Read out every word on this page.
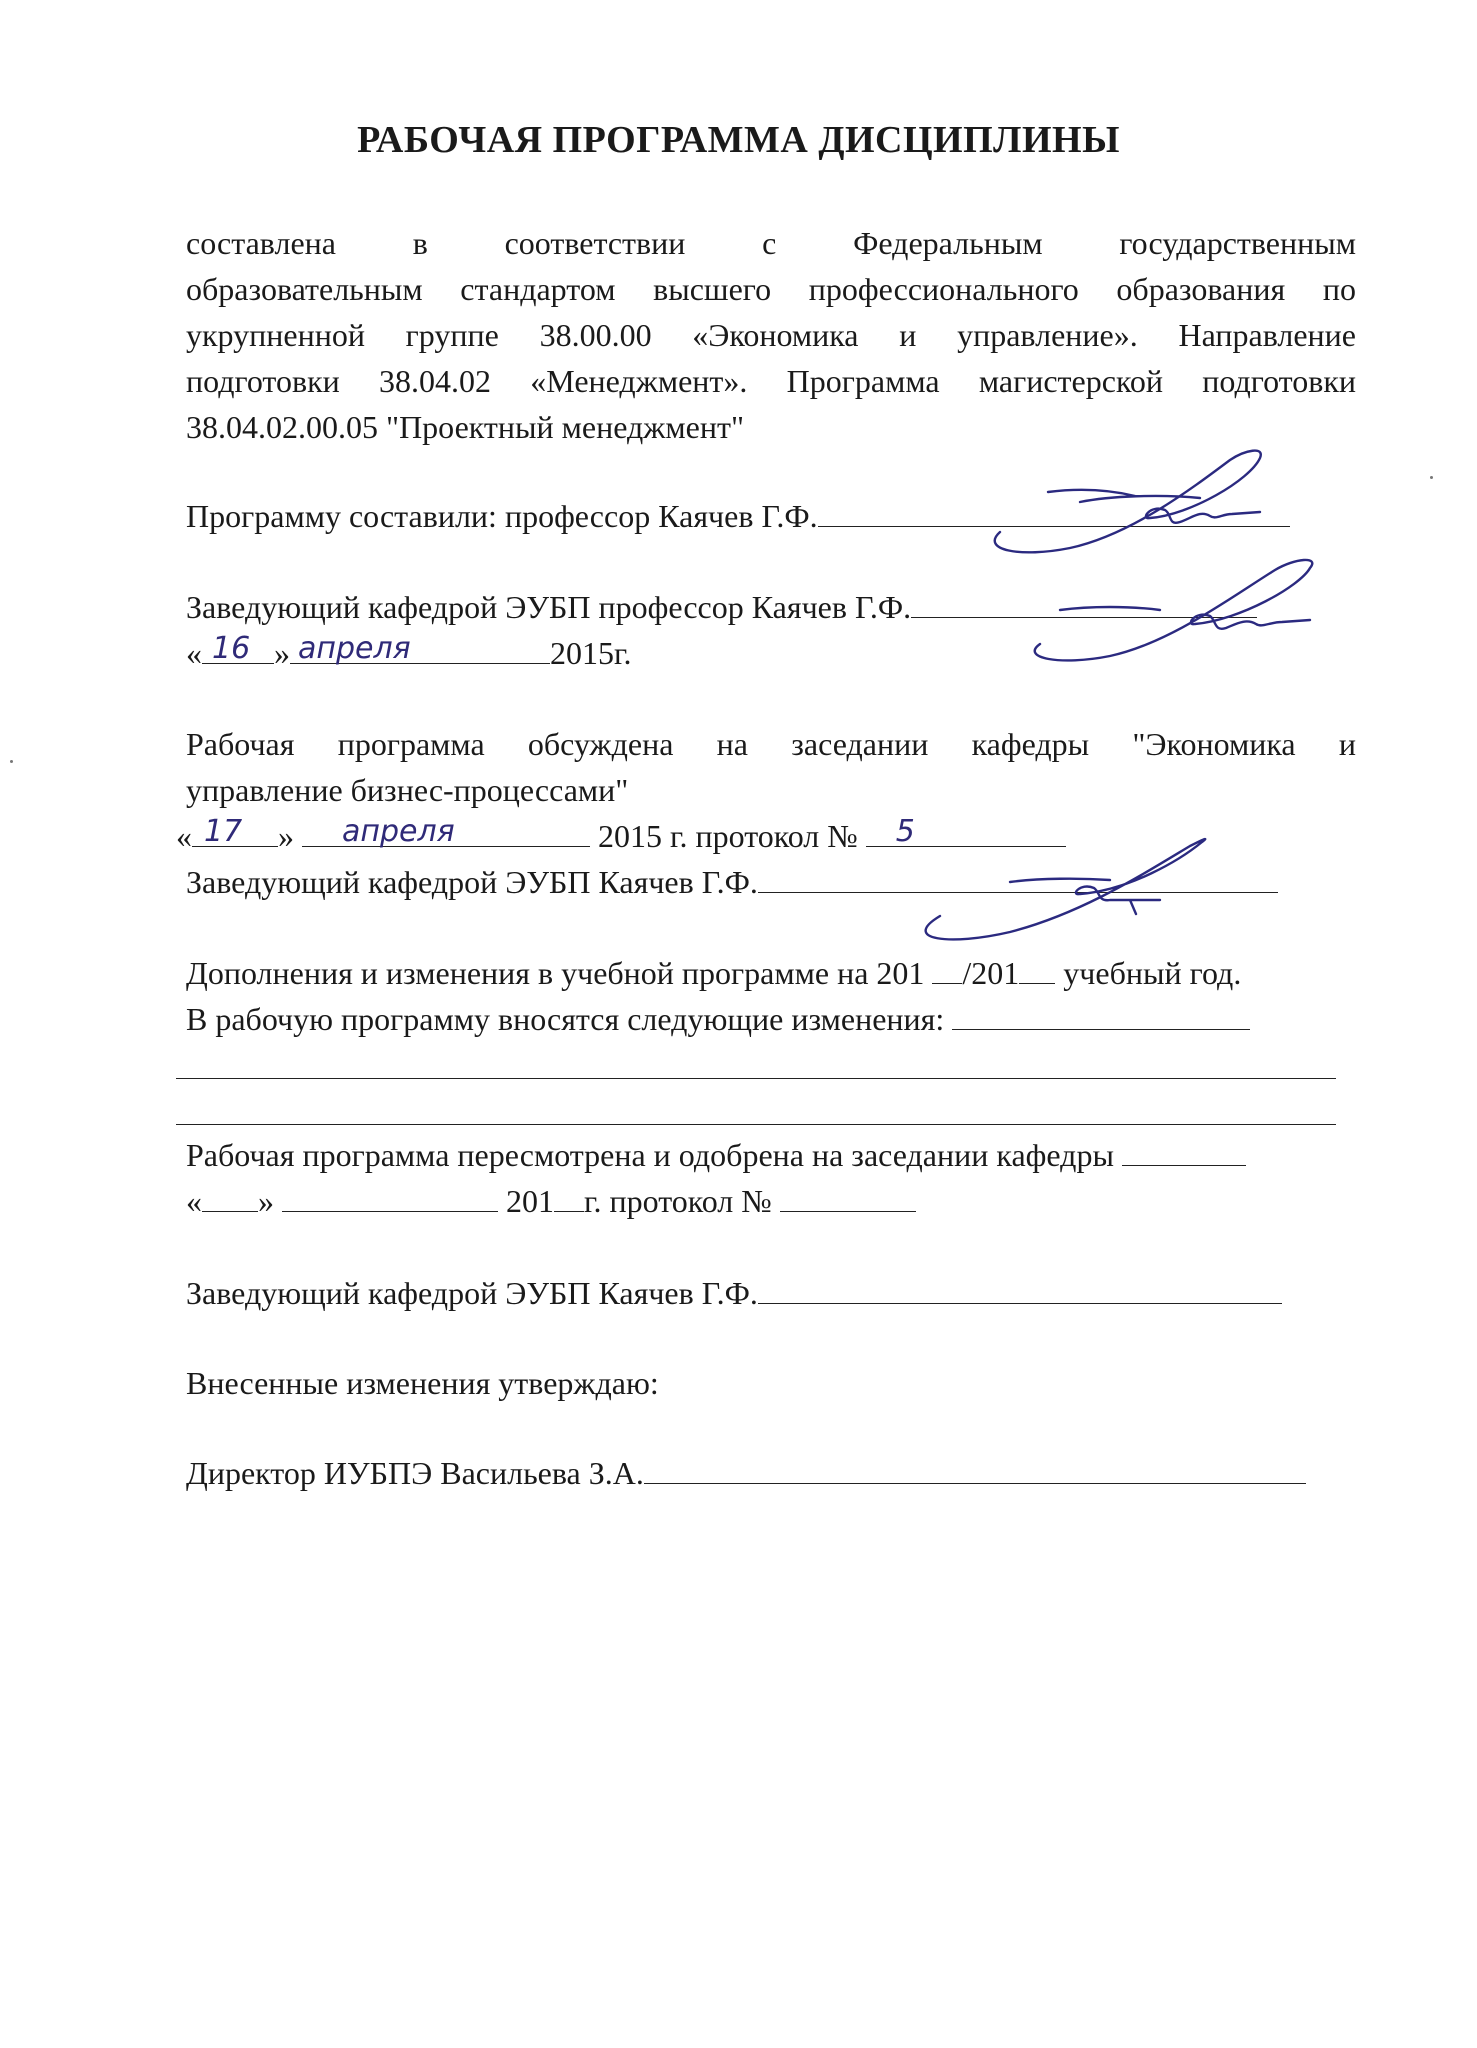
РАБОЧАЯ ПРОГРАММА ДИСЦИПЛИНЫ
составлена в соответствии с Федеральным государственным
образовательным стандартом высшего профессионального образования по
укрупненной группе 38.00.00 «Экономика и управление». Направление
подготовки 38.04.02 «Менеджмент». Программа магистерской подготовки
38.04.02.00.05 "Проектный менеджмент"
Программу составили: профессор Каячев Г.Ф.
Заведующий кафедрой ЭУБП профессор Каячев Г.Ф.
« 16 » апреля	2015г.
Рабочая программа обсуждена на заседании кафедры "Экономика и
управление бизнес-процессами"
« 17 » апреля	2015 г. протокол № 5
Заведующий кафедрой ЭУБП Каячев Г.Ф.
Дополнения и изменения в учебной программе на 201 /201 учебный год.
В рабочую программу вносятся следующие изменения:
Рабочая программа пересмотрена и одобрена на заседании кафедры
« »	201 г. протокол №
Заведующий кафедрой ЭУБП Каячев Г.Ф.
Внесенные изменения утверждаю:
Директор ИУБПЭ Васильева З.А.
